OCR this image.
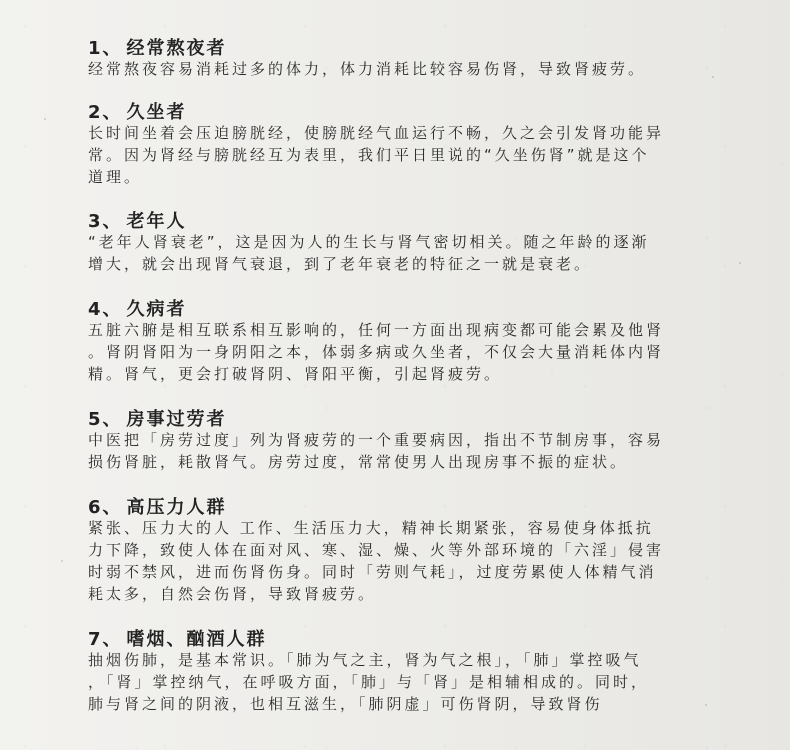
1、 经常熬夜者
经常熬夜容易消耗过多的体力，体力消耗比较容易伤肾，导致肾疲劳。
2、 久坐者
长时间坐着会压迫膀胱经，使膀胱经气血运行不畅，久之会引发肾功能异
常。因为肾经与膀胱经互为表里，我们平日里说的“久坐伤肾”就是这个
道理。
3、 老年人
“老年人肾衰老”，这是因为人的生长与肾气密切相关。随之年龄的逐渐
增大，就会出现肾气衰退，到了老年衰老的特征之一就是衰老。
4、 久病者
五脏六腑是相互联系相互影响的，任何一方面出现病变都可能会累及他肾
。肾阴肾阳为一身阴阳之本，体弱多病或久坐者，不仅会大量消耗体内肾
精。肾气，更会打破肾阴、肾阳平衡，引起肾疲劳。
5、 房事过劳者
中医把「房劳过度」列为肾疲劳的一个重要病因，指出不节制房事，容易
损伤肾脏，耗散肾气。房劳过度，常常使男人出现房事不振的症状。
6、 高压力人群
紧张、压力大的人 工作、生活压力大，精神长期紧张，容易使身体抵抗
力下降，致使人体在面对风、寒、湿、燥、火等外部环境的「六淫」侵害
时弱不禁风，进而伤肾伤身。同时「劳则气耗」，过度劳累使人体精气消
耗太多，自然会伤肾，导致肾疲劳。
7、 嗜烟、酗酒人群
抽烟伤肺，是基本常识。「肺为气之主，肾为气之根」，「肺」掌控吸气
，「肾」掌控纳气，在呼吸方面，「肺」与「肾」是相辅相成的。同时，
肺与肾之间的阴液，也相互滋生，「肺阴虚」可伤肾阴，导致肾伤
